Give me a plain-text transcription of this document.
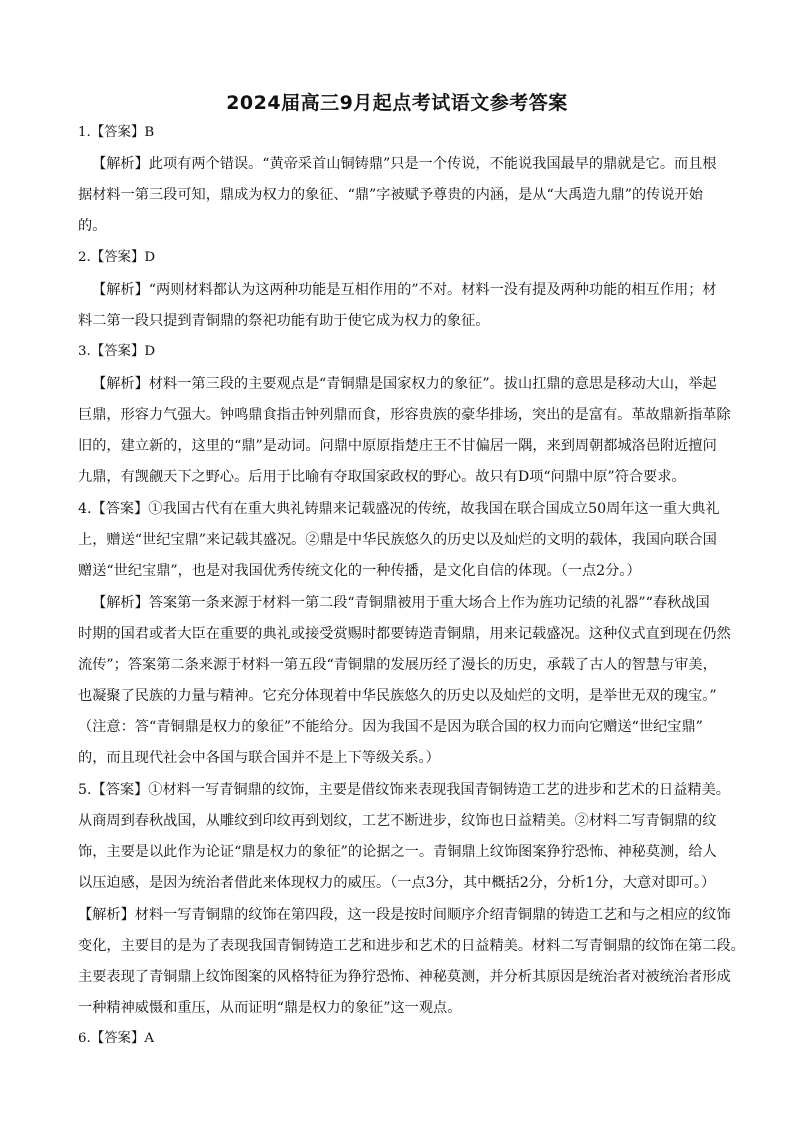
2024届高三9月起点考试语文参考答案
1.【答案】B
【解析】此项有两个错误。“黄帝采首山铜铸鼎”只是一个传说，不能说我国最早的鼎就是它。而且根
据材料一第三段可知，鼎成为权力的象征、“鼎”字被赋予尊贵的内涵，是从“大禹造九鼎”的传说开始
的。
2.【答案】D
【解析】“两则材料都认为这两种功能是互相作用的”不对。材料一没有提及两种功能的相互作用；材
料二第一段只提到青铜鼎的祭祀功能有助于使它成为权力的象征。
3.【答案】D
【解析】材料一第三段的主要观点是“青铜鼎是国家权力的象征”。拔山扛鼎的意思是移动大山，举起
巨鼎，形容力气强大。钟鸣鼎食指击钟列鼎而食，形容贵族的豪华排场，突出的是富有。革故鼎新指革除
旧的，建立新的，这里的“鼎”是动词。问鼎中原原指楚庄王不甘偏居一隅，来到周朝都城洛邑附近擅问
九鼎，有觊觎天下之野心。后用于比喻有夺取国家政权的野心。故只有D项“问鼎中原”符合要求。
4.【答案】①我国古代有在重大典礼铸鼎来记载盛况的传统，故我国在联合国成立50周年这一重大典礼
上，赠送“世纪宝鼎”来记载其盛况。②鼎是中华民族悠久的历史以及灿烂的文明的载体，我国向联合国
赠送“世纪宝鼎”，也是对我国优秀传统文化的一种传播，是文化自信的体现。（一点2分。）
【解析】答案第一条来源于材料一第二段“青铜鼎被用于重大场合上作为旌功记绩的礼器”“春秋战国
时期的国君或者大臣在重要的典礼或接受赏赐时都要铸造青铜鼎，用来记载盛况。这种仪式直到现在仍然
流传”；答案第二条来源于材料一第五段“青铜鼎的发展历经了漫长的历史，承载了古人的智慧与审美，
也凝聚了民族的力量与精神。它充分体现着中华民族悠久的历史以及灿烂的文明，是举世无双的瑰宝。”
（注意：答“青铜鼎是权力的象征”不能给分。因为我国不是因为联合国的权力而向它赠送“世纪宝鼎”
的，而且现代社会中各国与联合国并不是上下等级关系。）
5.【答案】①材料一写青铜鼎的纹饰，主要是借纹饰来表现我国青铜铸造工艺的进步和艺术的日益精美。
从商周到春秋战国，从雕纹到印纹再到划纹，工艺不断进步，纹饰也日益精美。②材料二写青铜鼎的纹
饰，主要是以此作为论证“鼎是权力的象征”的论据之一。青铜鼎上纹饰图案狰狞恐怖、神秘莫测，给人
以压迫感，是因为统治者借此来体现权力的威压。（一点3分，其中概括2分，分析1分，大意对即可。）
【解析】材料一写青铜鼎的纹饰在第四段，这一段是按时间顺序介绍青铜鼎的铸造工艺和与之相应的纹饰
变化，主要目的是为了表现我国青铜铸造工艺和进步和艺术的日益精美。材料二写青铜鼎的纹饰在第二段。
主要表现了青铜鼎上纹饰图案的风格特征为狰狞恐怖、神秘莫测，并分析其原因是统治者对被统治者形成
一种精神威慑和重压，从而证明“鼎是权力的象征”这一观点。
6.【答案】A
